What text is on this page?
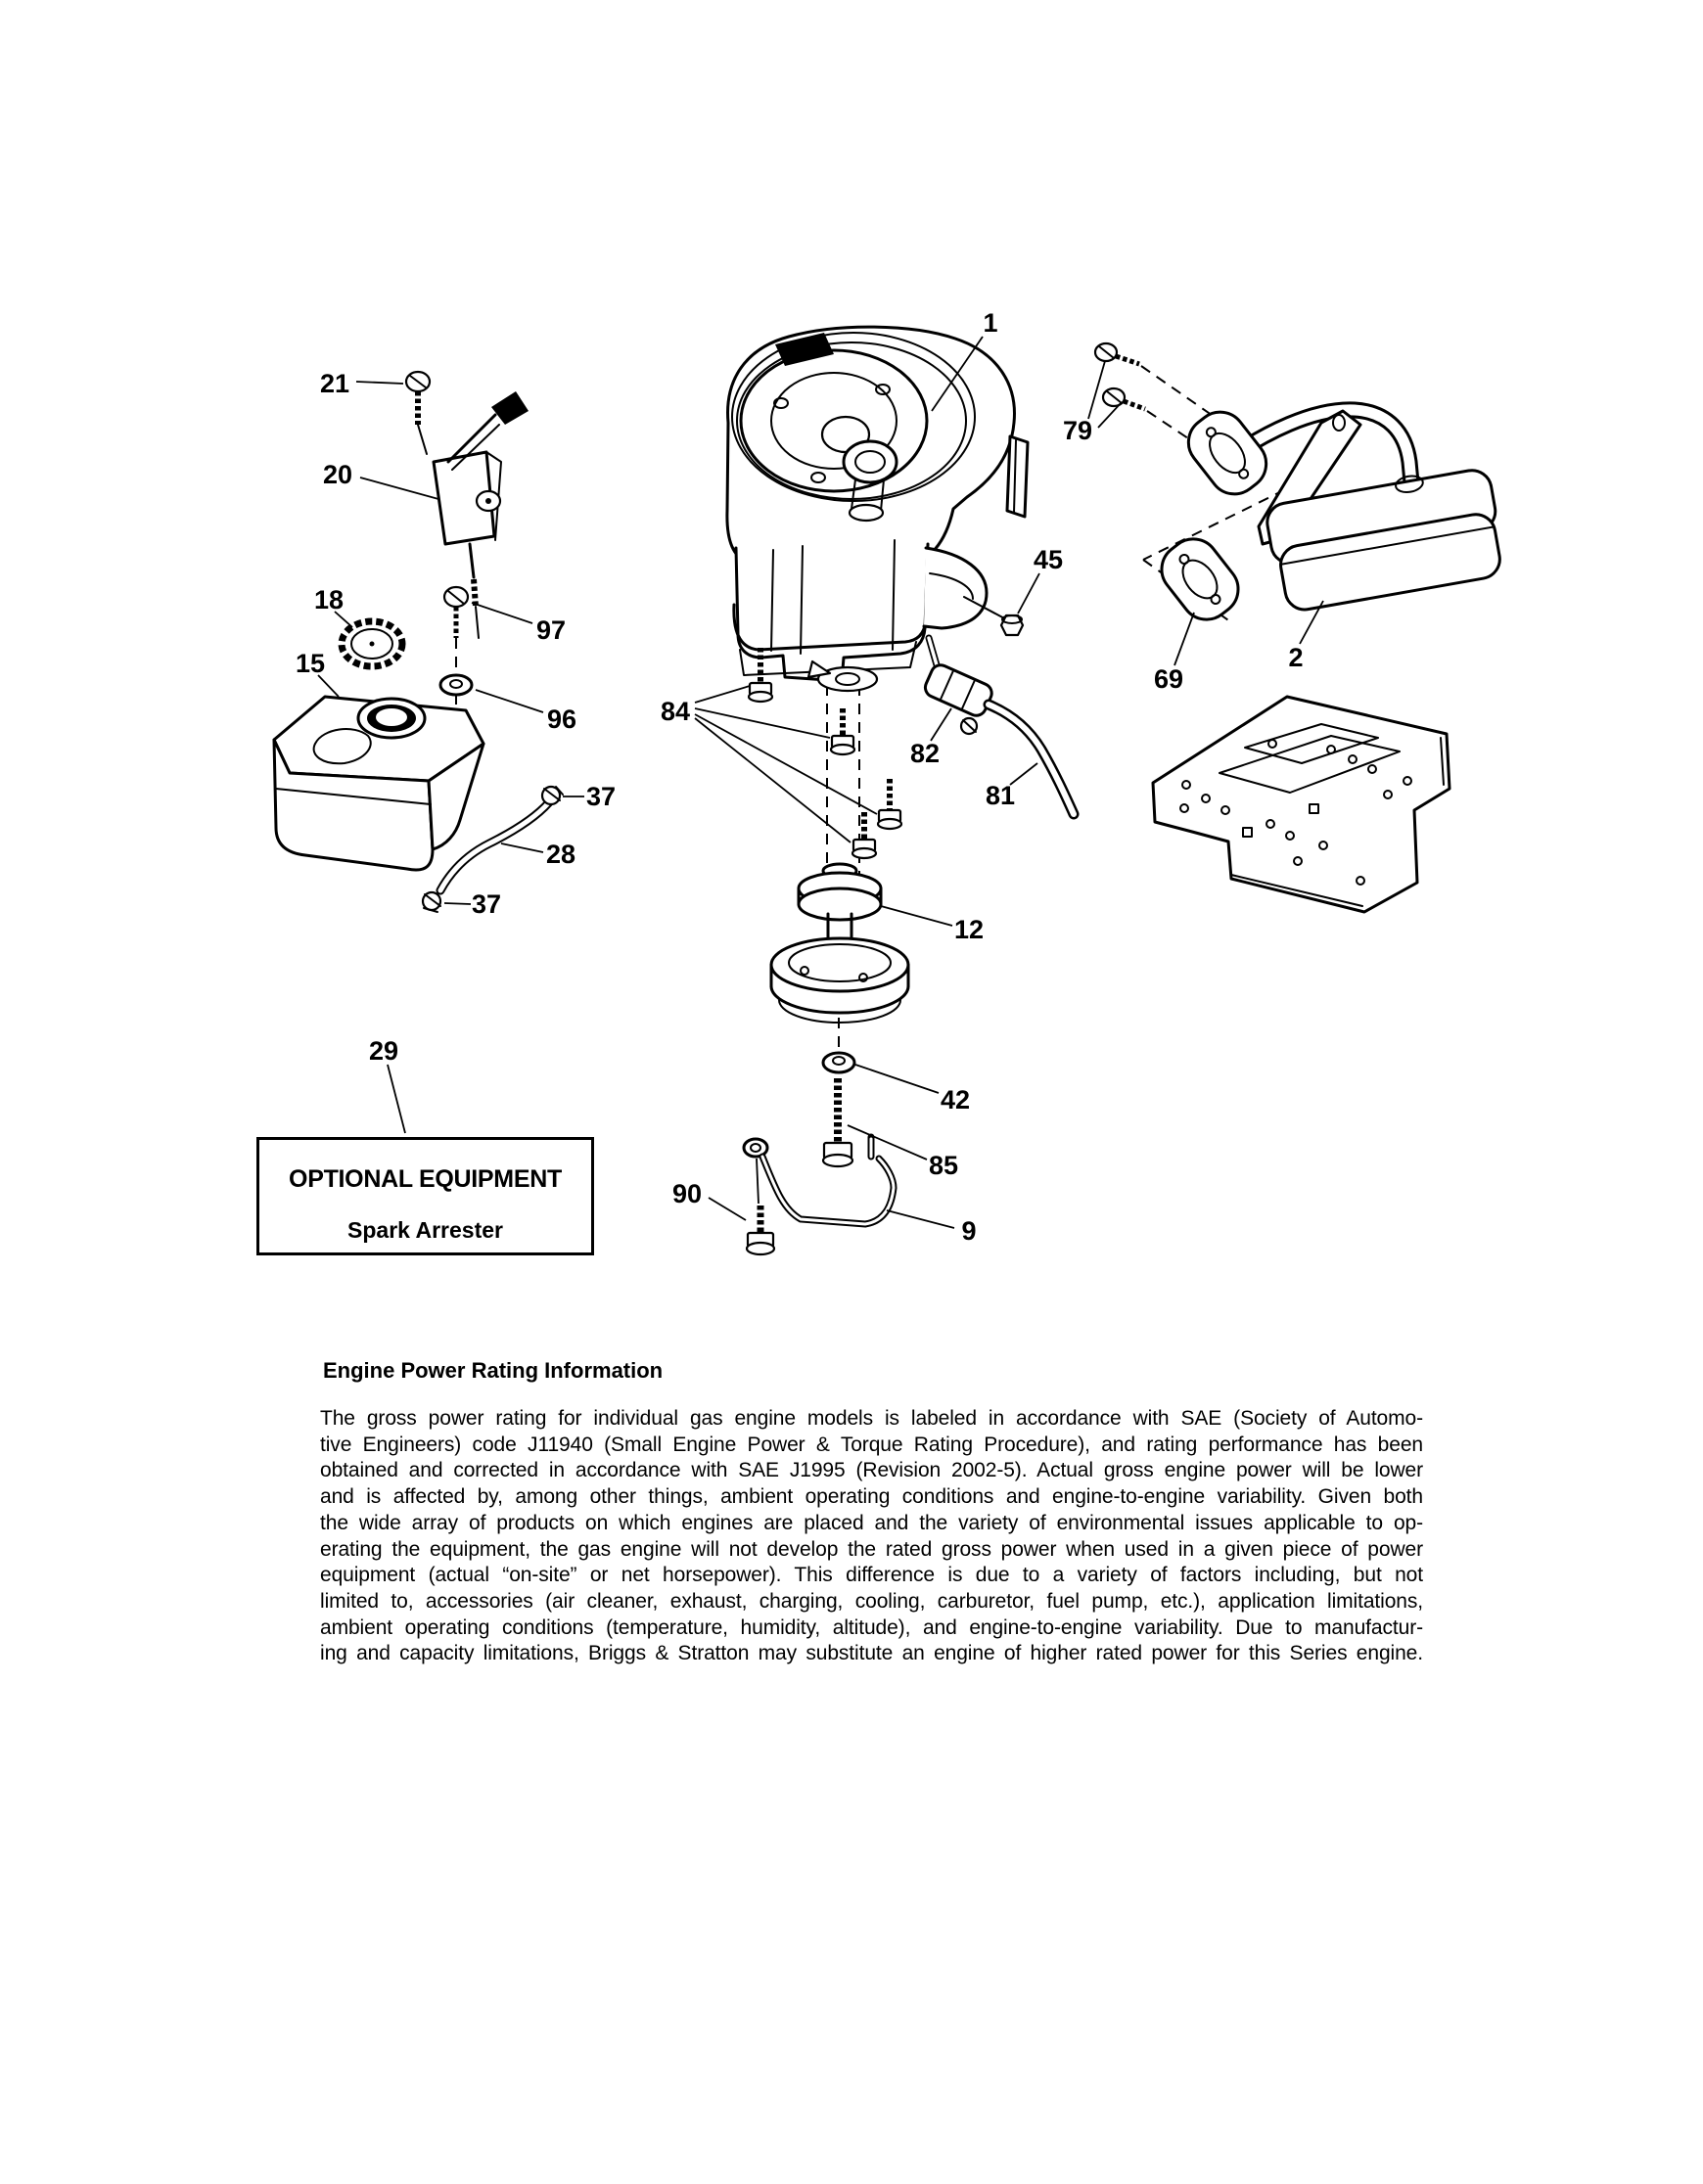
1
21
20
18
15
97
96
37
28
37
29
84
82
81
45
12
42
85
90
9
79
69
2
OPTIONAL EQUIPMENT
Spark Arrester
Engine Power Rating Information
The gross power rating for individual gas engine models is labeled in accordance with SAE (Society of Automo-
tive Engineers) code J11940 (Small Engine Power & Torque Rating Procedure), and rating performance has been
obtained and corrected in accordance with SAE J1995 (Revision 2002-5). Actual gross engine power will be lower
and is affected by, among other things, ambient operating conditions and engine-to-engine variability. Given both
the wide array of products on which engines are placed and the variety of environmental issues applicable to op-
erating the equipment, the gas engine will not develop the rated gross power when used in a given piece of power
equipment (actual “on-site” or net horsepower). This difference is due to a variety of factors including, but not
limited to, accessories (air cleaner, exhaust, charging, cooling, carburetor, fuel pump, etc.), application limitations,
ambient operating conditions (temperature, humidity, altitude), and engine-to-engine variability. Due to manufactur-
ing and capacity limitations, Briggs & Stratton may substitute an engine of higher rated power for this Series engine.
